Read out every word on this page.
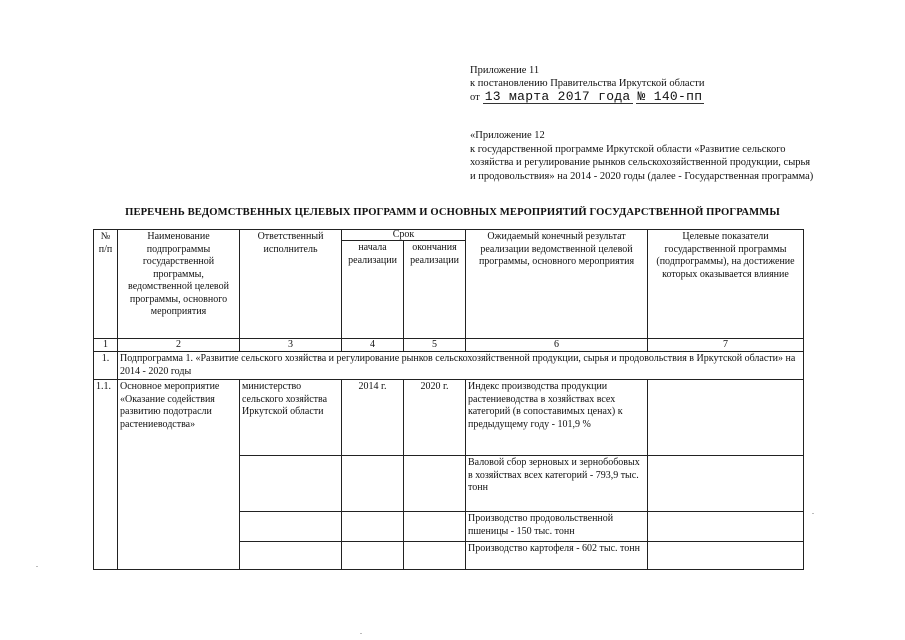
Приложение 11
к постановлению Правительства Иркутской области
от 13 марта 2017 года № 140-пп
«Приложение 12
к государственной программе Иркутской области «Развитие сельского хозяйства и регулирование рынков сельскохозяйственной продукции, сырья и продовольствия» на 2014 - 2020 годы (далее - Государственная программа)
ПЕРЕЧЕНЬ ВЕДОМСТВЕННЫХ ЦЕЛЕВЫХ ПРОГРАММ И ОСНОВНЫХ МЕРОПРИЯТИЙ ГОСУДАРСТВЕННОЙ ПРОГРАММЫ
№ п/п	Наименование подпрограммы государственной программы, ведомственной целевой программы, основного мероприятия	Ответственный исполнитель	Срок		Ожидаемый конечный результат реализации ведомственной целевой программы, основного мероприятия	Целевые показатели государственной программы (подпрограммы), на достижение которых оказывается влияние
			начала реализации	окончания реализации		
1	2	3	4	5	6	7
1.	Подпрограмма 1. «Развитие сельского хозяйства и регулирование рынков сельскохозяйственной продукции, сырья и продовольствия в Иркутской области» на 2014 - 2020 годы					
1.1.	Основное мероприятие «Оказание содействия развитию подотрасли растениеводства»	министерство сельского хозяйства Иркутской области	2014 г.	2020 г.	Индекс производства продукции растениеводства в хозяйствах всех категорий (в сопоставимых ценах) к предыдущему году - 101,9 %	
					Валовой сбор зерновых и зернобобовых в хозяйствах всех категорий - 793,9 тыс. тонн	
					Производство продовольственной пшеницы - 150 тыс. тонн	
					Производство картофеля - 602 тыс. тонн	
